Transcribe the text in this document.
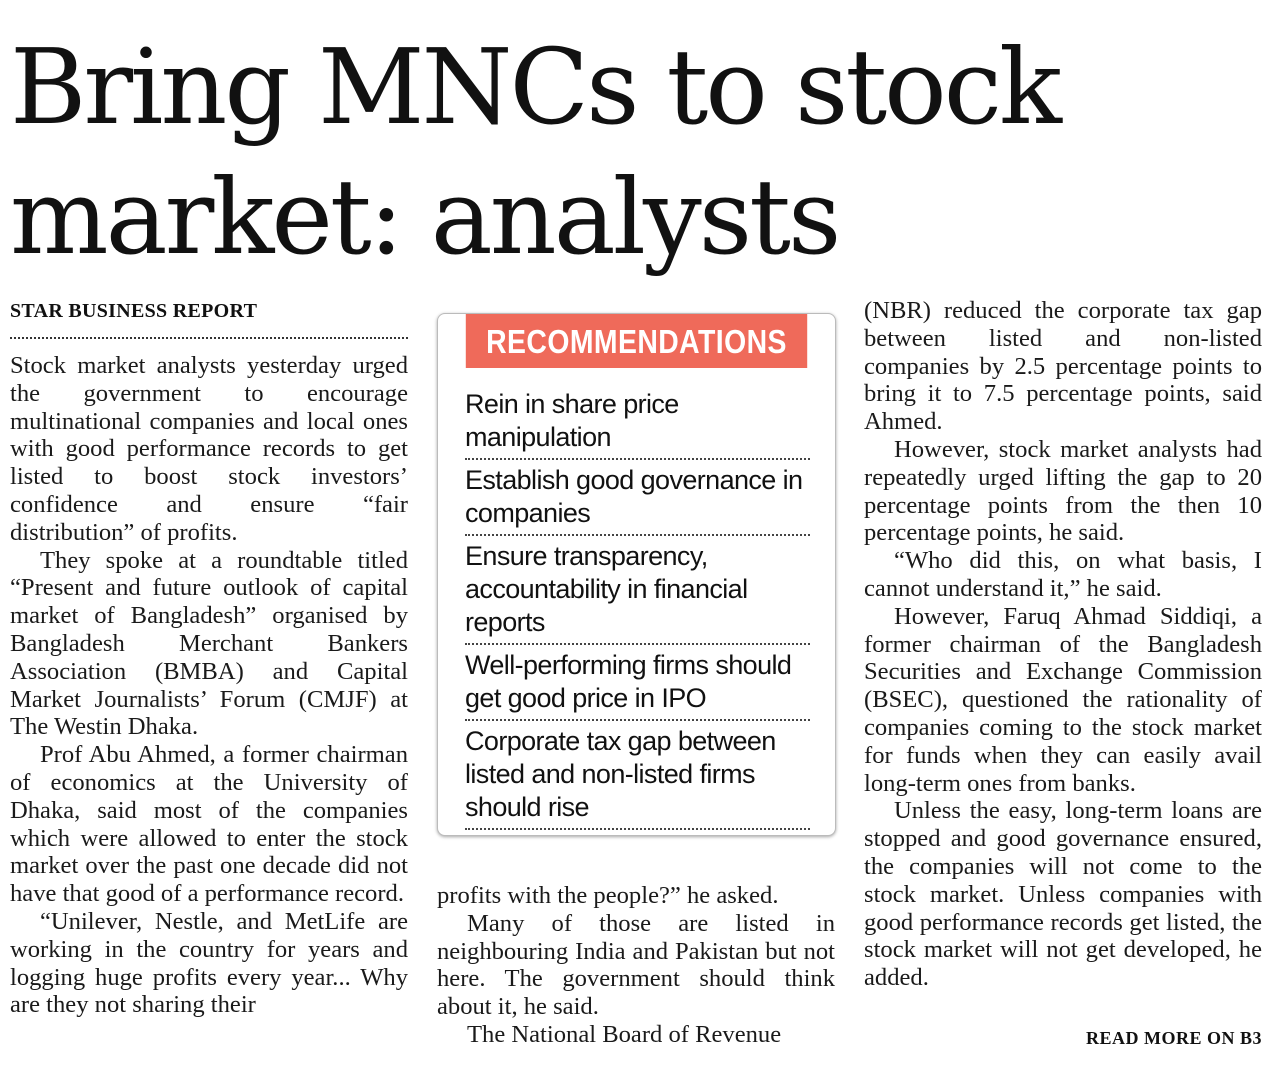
Bring MNCs to stock
market: analysts
STAR BUSINESS REPORT

Stock market analysts yesterday urged the government to encourage multinational companies and local ones with good performance records to get listed to boost stock investors’ confidence and ensure “fair distribution” of profits.

They spoke at a roundtable titled “Present and future outlook of capital market of Bangladesh” organised by Bangladesh Merchant Bankers Association (BMBA) and Capital Market Journalists’ Forum (CMJF) at The Westin Dhaka.

Prof Abu Ahmed, a former chairman of economics at the University of Dhaka, said most of the companies which were allowed to enter the stock market over the past one decade did not have that good of a performance record.

“Unilever, Nestle, and MetLife are working in the country for years and logging huge profits every year... Why are they not sharing their

RECOMMENDATIONS
Rein in share price manipulation
Establish good governance in companies
Ensure transparency, accountability in financial reports
Well-performing firms should get good price in IPO
Corporate tax gap between listed and non-listed firms should rise

profits with the people?” he asked.

Many of those are listed in neighbouring India and Pakistan but not here. The government should think about it, he said.

The National Board of Revenue

(NBR) reduced the corporate tax gap between listed and non-listed companies by 2.5 percentage points to bring it to 7.5 percentage points, said Ahmed.

However, stock market analysts had repeatedly urged lifting the gap to 20 percentage points from the then 10 percentage points, he said.

“Who did this, on what basis, I cannot understand it,” he said.

However, Faruq Ahmad Siddiqi, a former chairman of the Bangladesh Securities and Exchange Commission (BSEC), questioned the rationality of companies coming to the stock market for funds when they can easily avail long-term ones from banks.

Unless the easy, long-term loans are stopped and good governance ensured, the companies will not come to the stock market. Unless companies with good performance records get listed, the stock market will not get developed, he added.

READ MORE ON B3
